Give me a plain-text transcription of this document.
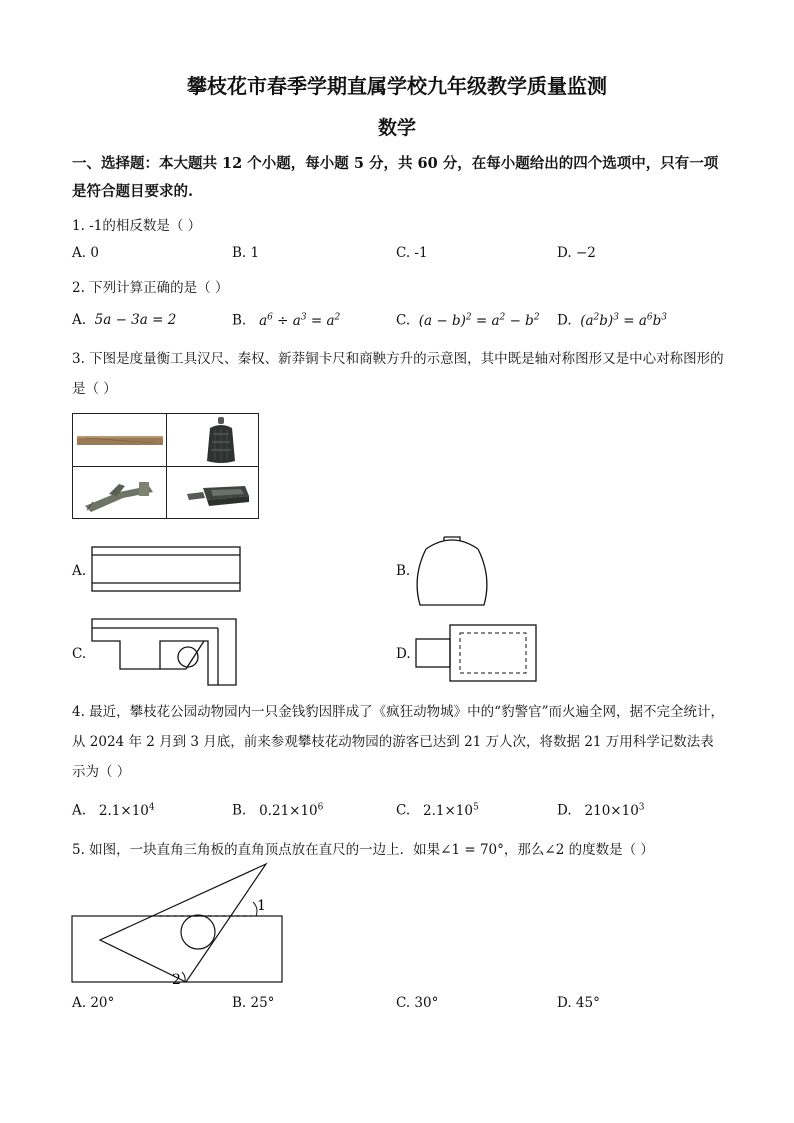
攀枝花市春季学期直属学校九年级教学质量监测
数学
一、选择题：本大题共 12 个小题，每小题 5 分，共 60 分，在每小题给出的四个选项中，只有一项是符合题目要求的.
1. -1的相反数是（ ）
A. 0	B. 1	C. -1	D. −2
2. 下列计算正确的是（ ）
A.  5a − 3a = 2	B.   $a^6 \div a^3 = a^2$	C.  $(a - b)^2 = a^2 - b^2$ D.  $(a^2b)^3 = a^6b^3$
3. 下图是度量衡工具汉尺、秦权、新莽铜卡尺和商鞅方升的示意图，其中既是轴对称图形又是中心对称图形的是（ ）
A.	B.
C.	D.
4. 最近，攀枝花公园动物园内一只金钱豹因胖成了《疯狂动物城》中的“豹警官”而火遍全网，据不完全统计，从 2024 年 2 月到 3 月底，前来参观攀枝花动物园的游客已达到 21 万人次，将数据 21 万用科学记数法表示为（ ）
A.   $2.1\times 10^4$	B.   $0.21\times 10^6$	C.   $2.1\times 10^5$	D.   $210\times 10^3$
5. 如图，一块直角三角板的直角顶点放在直尺的一边上．如果∠1 = 70°，那么∠2 的度数是（ ）
1
2
A. 20°	B. 25°	C. 30°	D. 45°
